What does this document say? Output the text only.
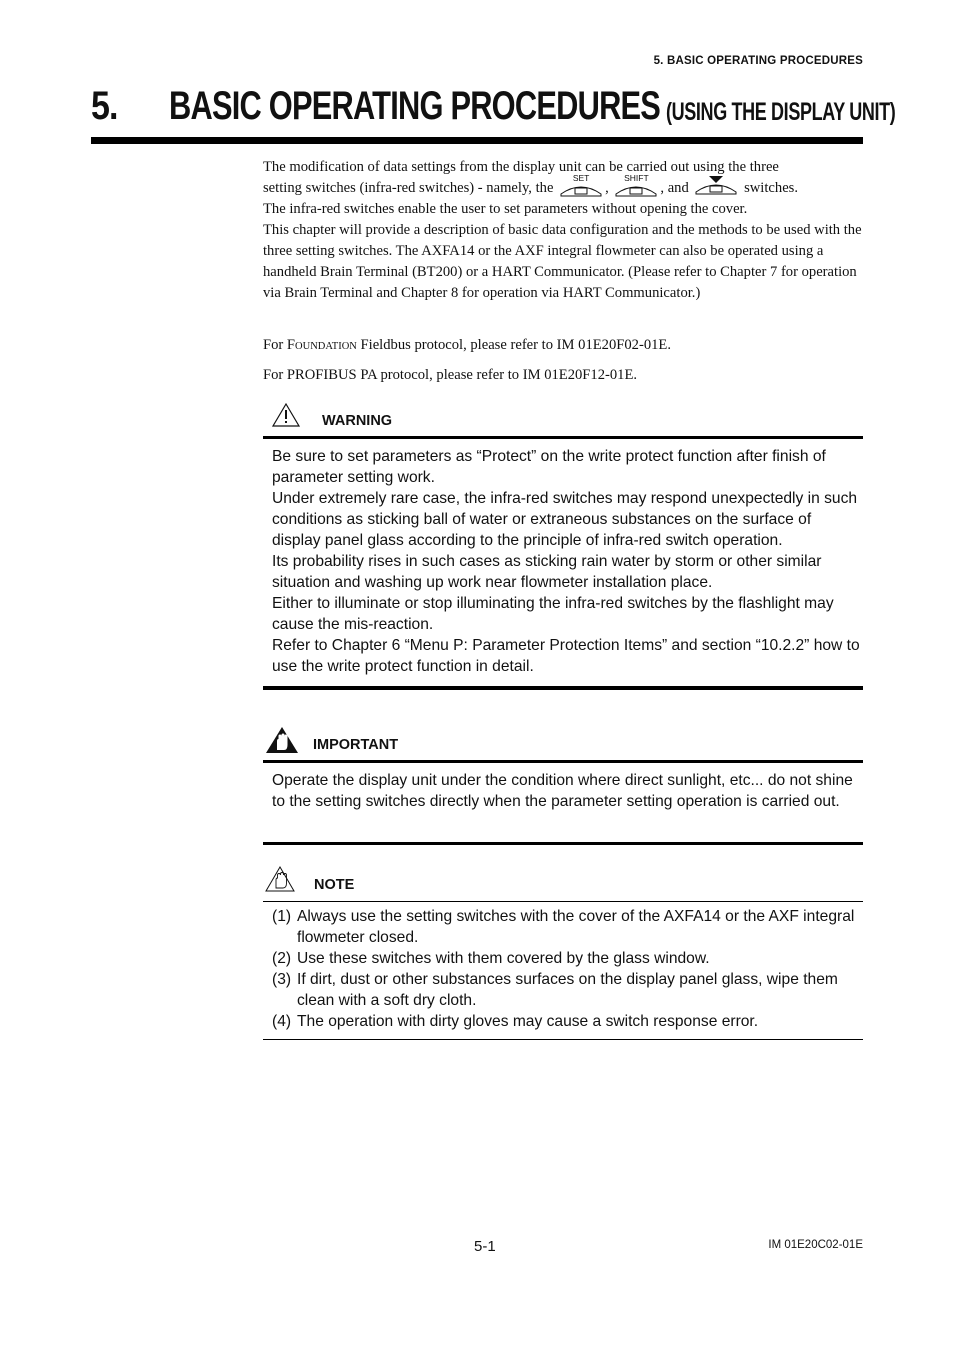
5. BASIC OPERATING PROCEDURES
5. BASIC OPERATING PROCEDURES (USING THE DISPLAY UNIT)

The modification of data settings from the display unit can be carried out using the three

setting switches (infra-red switches) - namely, the
SET
,
SHIFT
, and	switches.

The infra-red switches enable the user to set parameters without opening the cover.

This chapter will provide a description of basic data configuration and the methods to be used with the three setting switches. The AXFA14 or the AXF integral flowmeter can also be operated using a handheld Brain Terminal (BT200) or a HART Communicator. (Please refer to Chapter 7 for operation via Brain Terminal and Chapter 8 for operation via HART Communicator.)

For FOUNDATION Fieldbus protocol, please refer to IM 01E20F02-01E.
For PROFIBUS PA protocol, please refer to IM 01E20F12-01E.
WARNING

Be sure to set parameters as “Protect” on the write protect function after finish of parameter setting work.

Under extremely rare case, the infra-red switches may respond unexpectedly in such conditions as sticking ball of water or extraneous substances on the surface of display panel glass according to the principle of infra-red switch operation.

Its probability rises in such cases as sticking rain water by storm or other similar situation and washing up work near flowmeter installation place.

Either to illuminate or stop illuminating the infra-red switches by the flashlight may cause the mis-reaction.

Refer to Chapter 6 “Menu P: Parameter Protection Items” and section “10.2.2” how to use the write protect function in detail.

IMPORTANT

Operate the display unit under the condition where direct sunlight, etc... do not shine to the setting switches directly when the parameter setting operation is carried out.

NOTE
(1) Always use the setting switches with the cover of the AXFA14 or the AXF integral flowmeter closed.
(2) Use these switches with them covered by the glass window.
(3) If dirt, dust or other substances surfaces on the display panel glass, wipe them clean with a soft dry cloth.
(4) The operation with dirty gloves may cause a switch response error.
5-1	IM 01E20C02-01E
